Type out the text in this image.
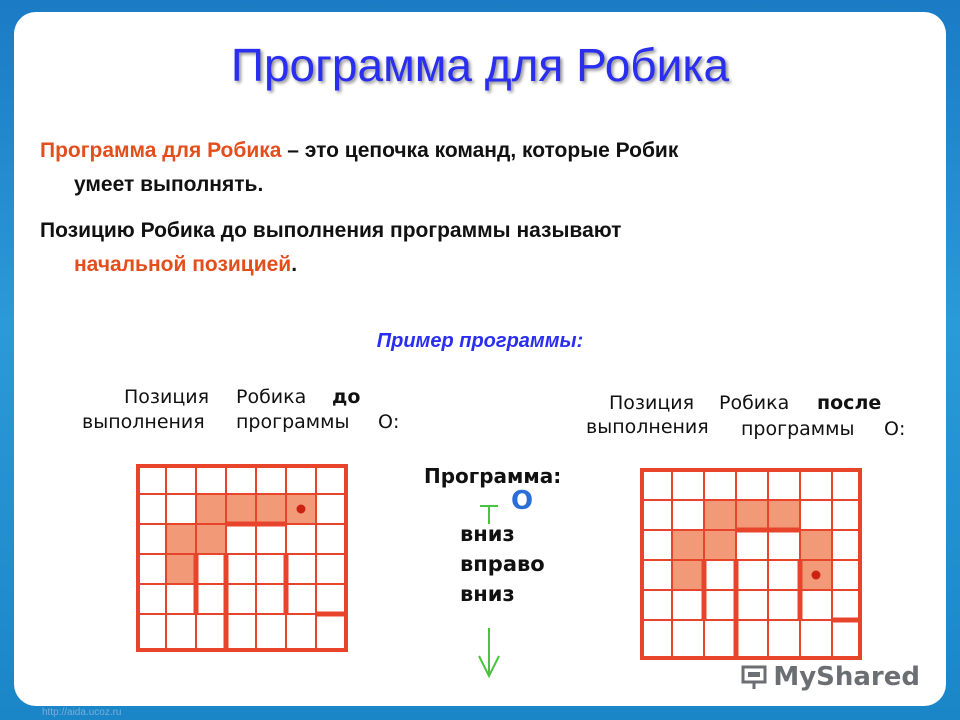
Программа для Робика
Программа для Робика – это цепочка команд, которые Робик
умеет выполнять.
Позицию Робика до выполнения программы называют
начальной позицией.
Пример программы:
Позиция Робика до
выполнения программы О:
Позиция Робика после
выполнения программы О:
Программа:
О
вниз
вправо
вниз
MyShared
http://aida.ucoz.ru
